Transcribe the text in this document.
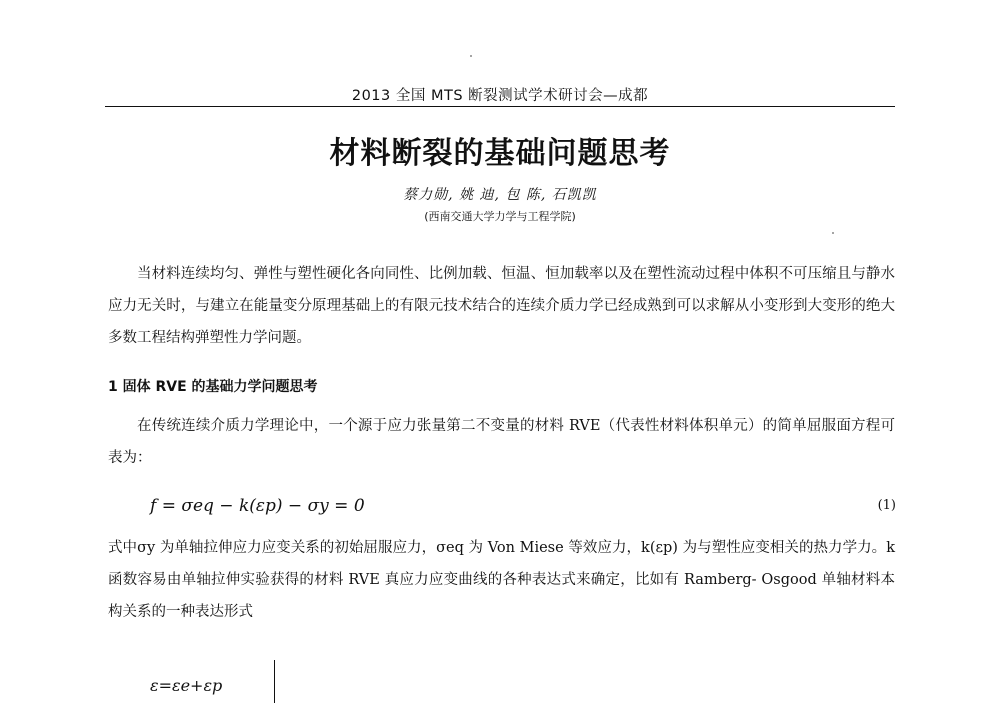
2013 全国 MTS 断裂测试学术研讨会—成都
材料断裂的基础问题思考
蔡力勋, 姚 迪, 包 陈, 石凯凯
(西南交通大学力学与工程学院)

当材料连续均匀、弹性与塑性硬化各向同性、比例加载、恒温、恒加载率以及在塑性流动过程中体积不可压缩且与静水应力无关时，与建立在能量变分原理基础上的有限元技术结合的连续介质力学已经成熟到可以求解从小变形到大变形的绝大多数工程结构弹塑性力学问题。

1 固体 RVE 的基础力学问题思考

在传统连续介质力学理论中，一个源于应力张量第二不变量的材料 RVE（代表性材料体积单元）的简单屈服面方程可表为：

f = σeq − k(εp) − σy = 0	(1)

式中σy 为单轴拉伸应力应变关系的初始屈服应力，σeq 为 Von Miese 等效应力，k(εp) 为与塑性应变相关的热力学力。k 函数容易由单轴拉伸实验获得的材料 RVE 真应力应变曲线的各种表达式来确定，比如有 Ramberg- Osgood 单轴材料本构关系的一种表达形式

ε=εe+εp
